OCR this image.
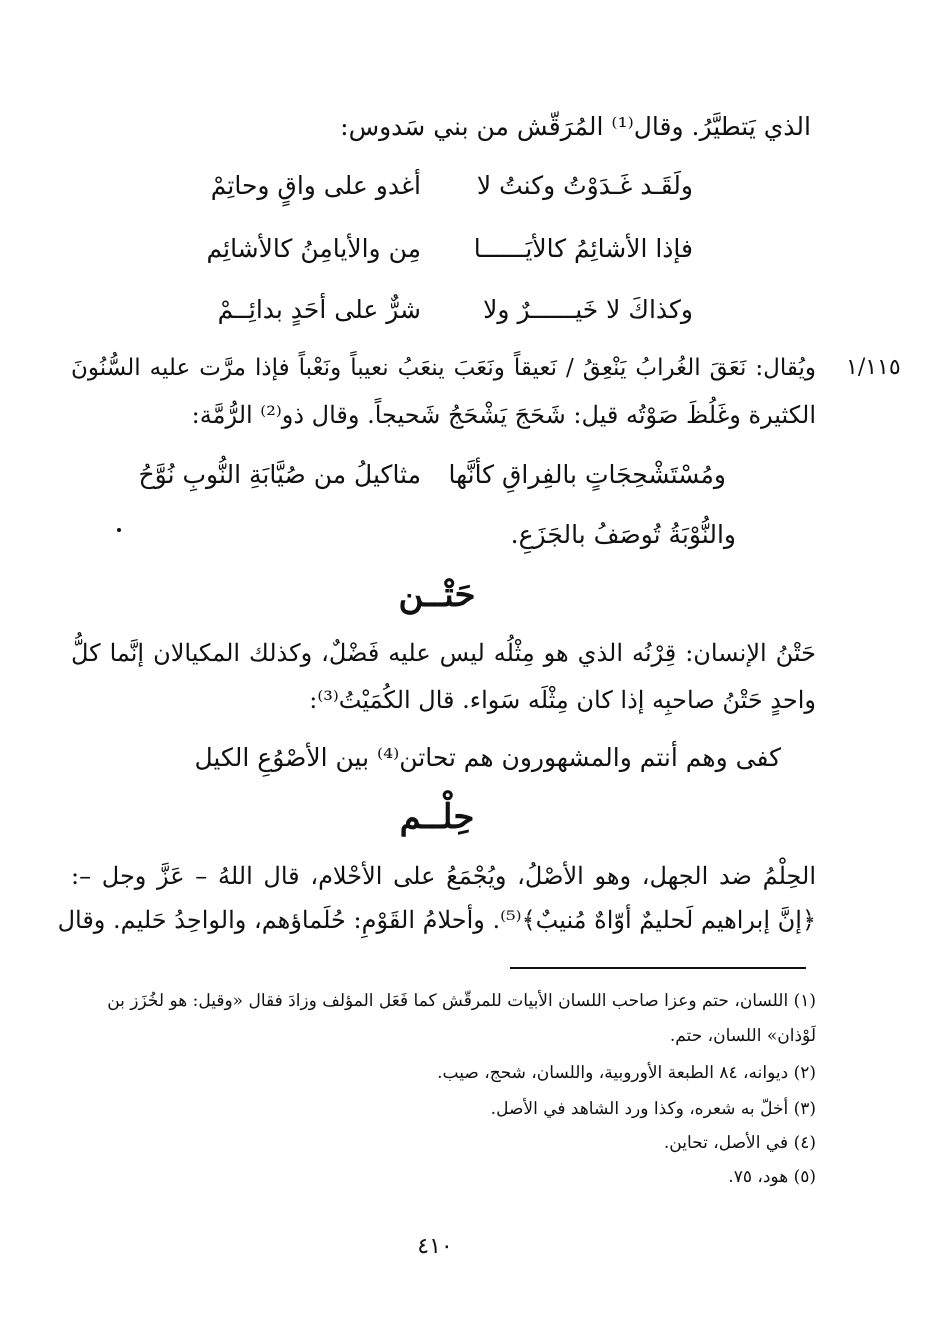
الذي يَتطيَّرُ. وقال⁽¹⁾ المُرَقّش من بني سَدوس:
ولَقَـد غَـدَوْتُ وكنتُ لا
أغدو على واقٍ وحاتِمْ
فإذا الأشائِمُ كالأيَــــــا
مِن والأيامِنُ كالأشائِم
وكذاكَ لا خَيــــــرٌ ولا
شرٌّ على أحَدٍ بدائِــمْ
١/١١٥
ويُقال: نَعَقَ الغُرابُ يَنْعِقُ / نَعيقاً ونَعَبَ ينعَبُ نعيباً ونَعْباً فإذا مرَّت عليه السُّنُونَ
الكثيرة وغَلُظَ صَوْتُه قيل: شَحَجَ يَشْحَجُ شَحيجاً. وقال ذو⁽²⁾ الرُّمَّة:
ومُسْتَشْحِجَاتٍ بالفِراقِ كأنَّها
مثاكيلُ من صُيَّابَةِ النُّوبِ نُوَّحُ
والنُّوْبَةُ تُوصَفُ بالجَزَعِ.
حَتْــن
حَتْنُ الإنسان: قِرْنُه الذي هو مِثْلُه ليس عليه فَضْلٌ، وكذلك المكيالان إنَّما كلُّ
واحدٍ حَتْنُ صاحبِه إذا كان مِثْلَه سَواء. قال الكُمَيْتُ⁽³⁾:
كفى وهم أنتم والمشهورون هم
تحاتن⁽⁴⁾ بين الأصْوُعِ الكيل
حِلْــم
الحِلْمُ ضد الجهل، وهو الأصْلُ، ويُجْمَعُ على الأحْلام، قال اللهُ – عَزَّ وجل –:
﴿إنَّ إبراهيم لَحليمٌ أوّاهٌ مُنيبٌ﴾⁽⁵⁾. وأحلامُ القَوْمِ: حُلَماؤهم، والواحِدُ حَليم. وقال
(١) اللسان، حتم وعزا صاحب اللسان الأبيات للمرقّش كما فَعَل المؤلف وزادَ فقال «وقيل: هو لخُزَز بن
لَوْذان» اللسان، حتم.
(٢) ديوانه، ٨٤ الطبعة الأوروبية، واللسان، شحج، صيب.
(٣) أخلّ به شعره، وكذا ورد الشاهد في الأصل.
(٤) في الأصل، تحاين.
(٥) هود، ٧٥.
٤١٠
